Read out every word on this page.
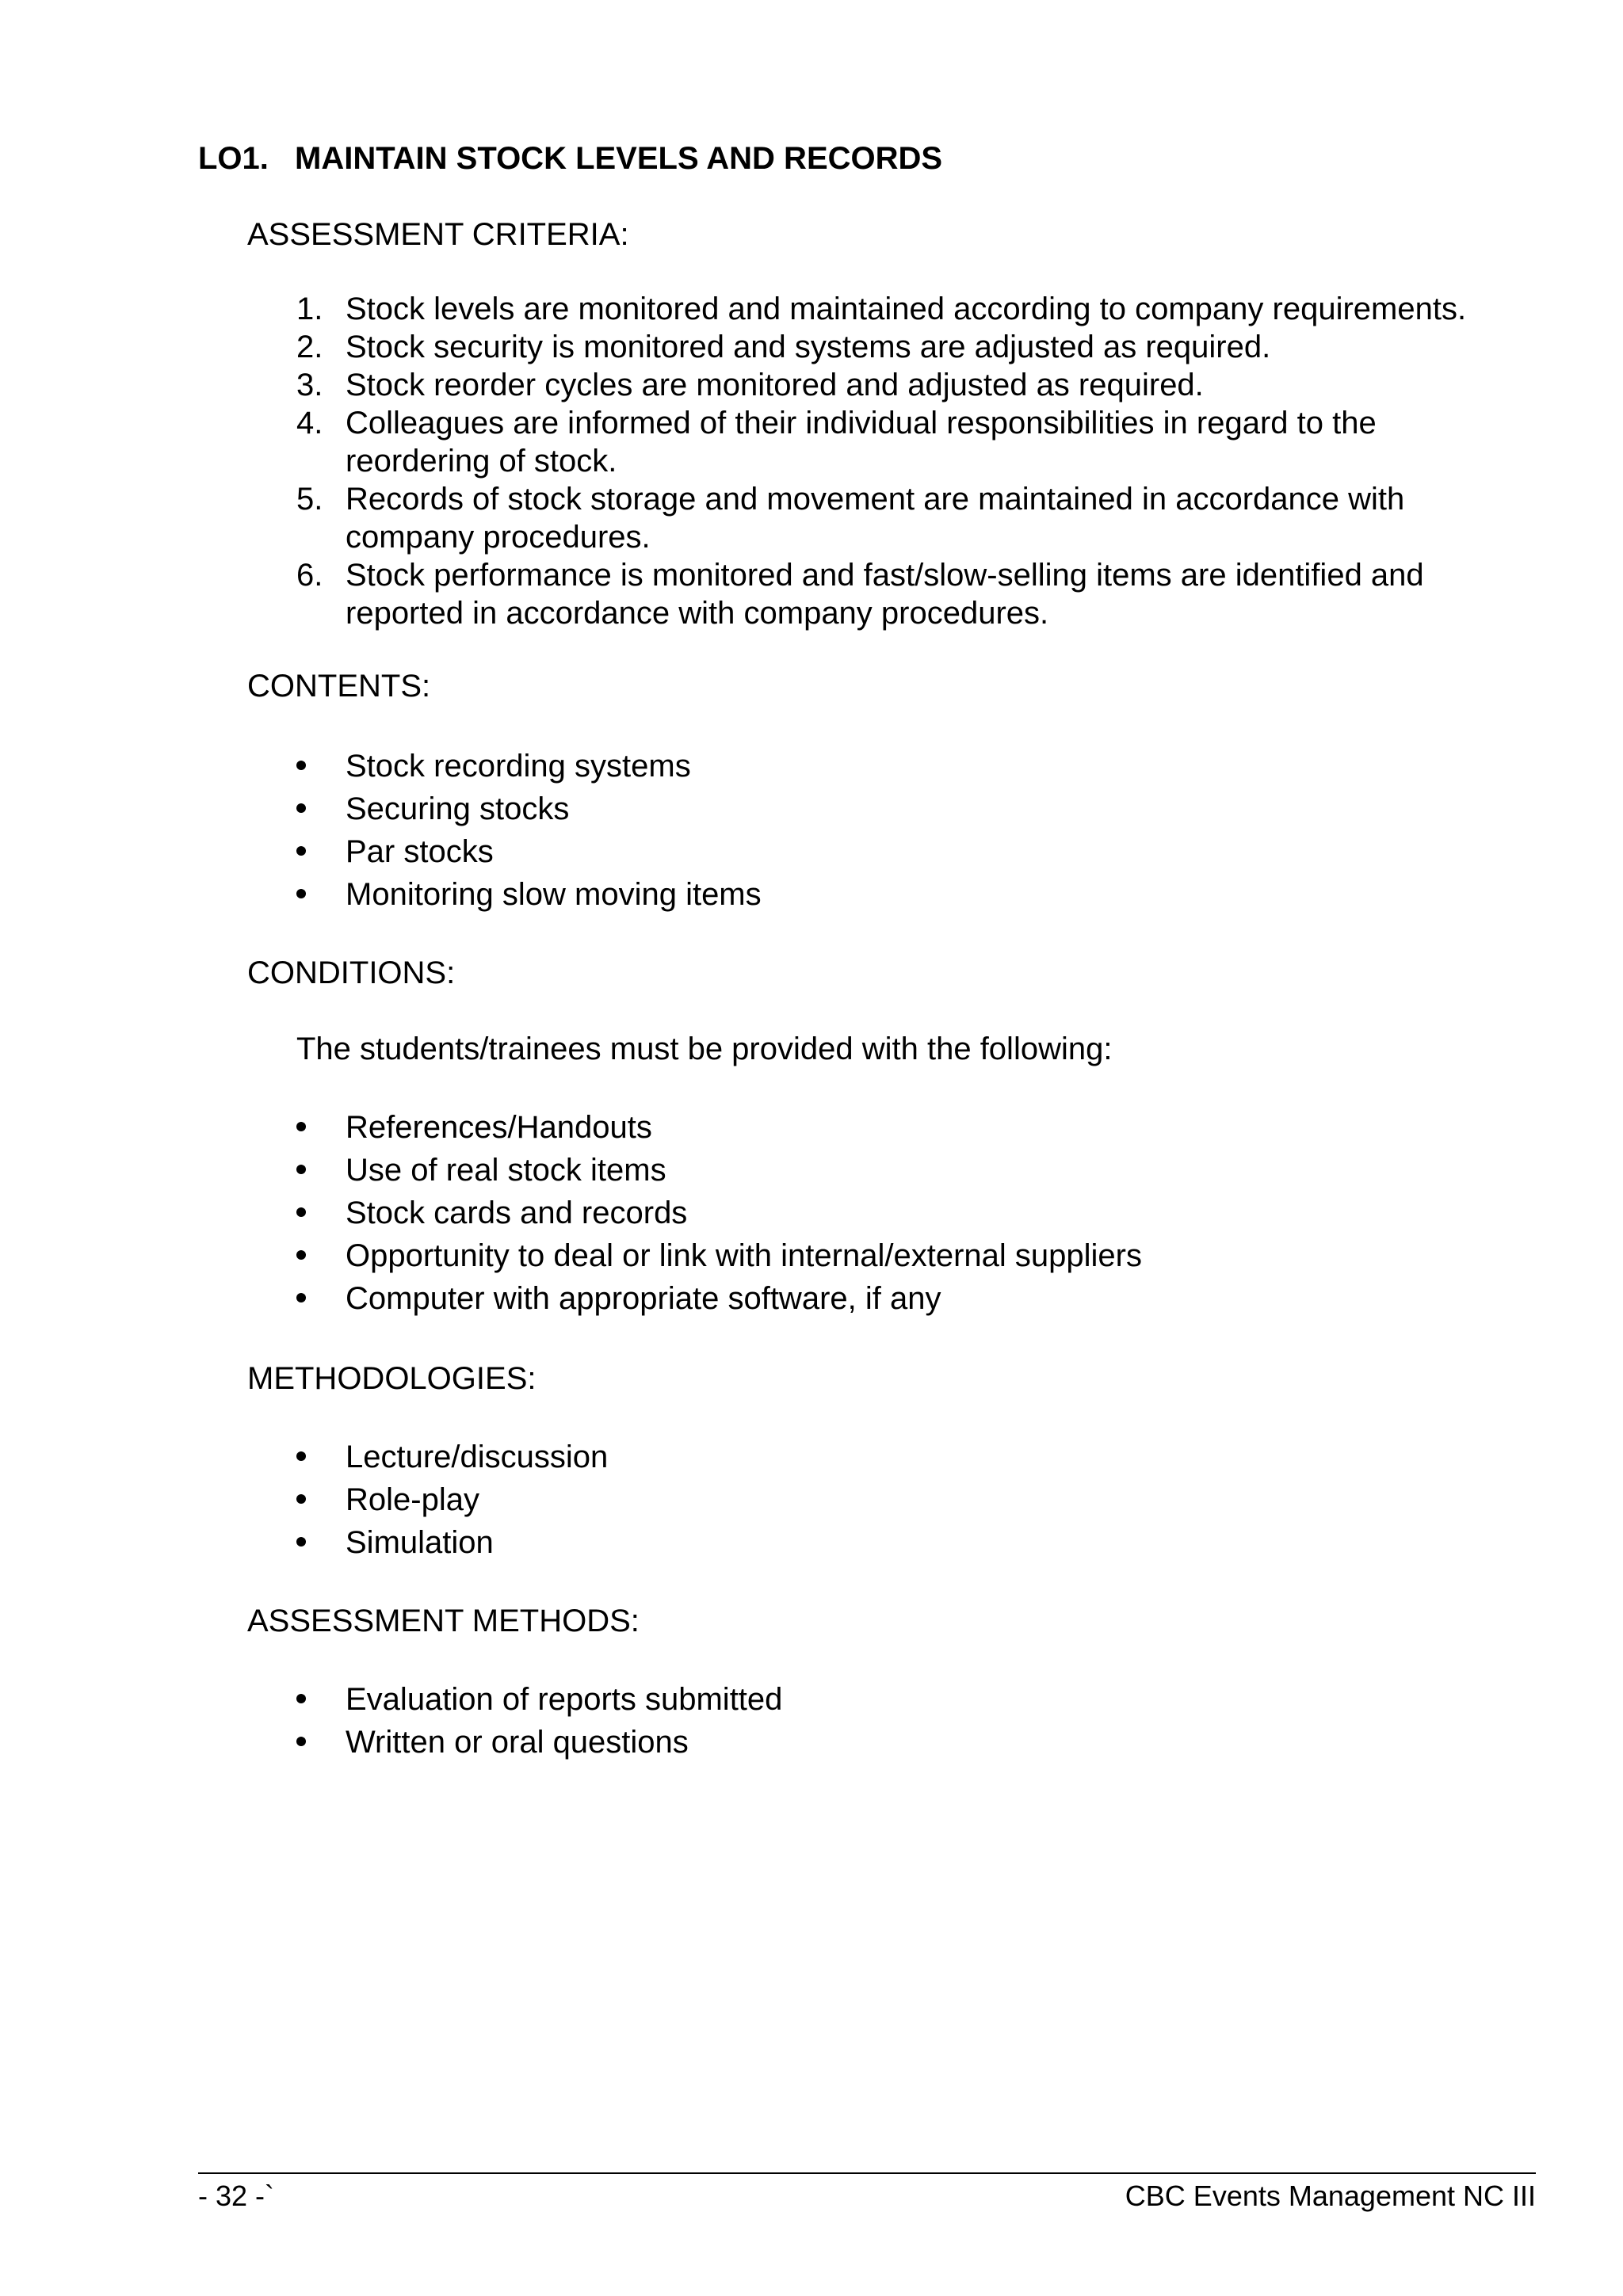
LO1. MAINTAIN STOCK LEVELS AND RECORDS
ASSESSMENT CRITERIA:
1. Stock levels are monitored and maintained according to company requirements.
2. Stock security is monitored and systems are adjusted as required.
3. Stock reorder cycles are monitored and adjusted as required.
4. Colleagues are informed of their individual responsibilities in regard to the reordering of stock.
5. Records of stock storage and movement are maintained in accordance with company procedures.
6. Stock performance is monitored and fast/slow-selling items are identified and reported in accordance with company procedures.
CONTENTS:
Stock recording systems
Securing stocks
Par stocks
Monitoring slow moving items
CONDITIONS:
The students/trainees must be provided with the following:
References/Handouts
Use of real stock items
Stock cards and records
Opportunity to deal or link with internal/external suppliers
Computer with appropriate software, if any
METHODOLOGIES:
Lecture/discussion
Role-play
Simulation
ASSESSMENT METHODS:
Evaluation of reports submitted
Written or oral questions
- 32 -`	CBC Events Management NC III
